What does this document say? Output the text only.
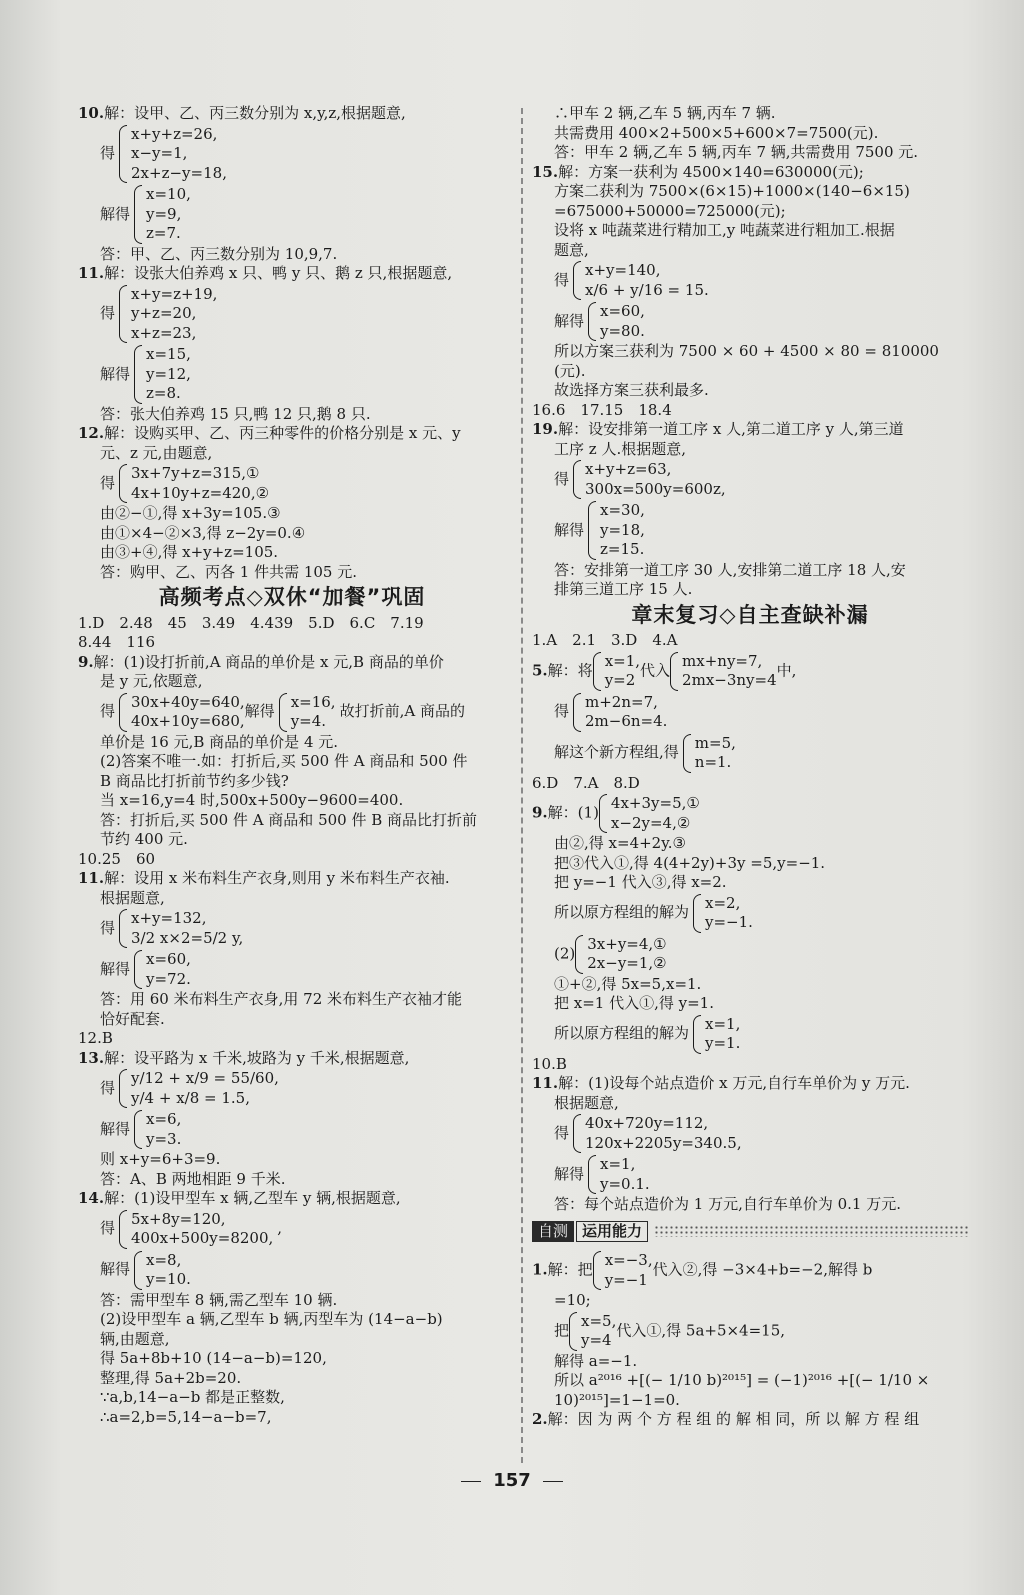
10.解：设甲、乙、丙三数分别为 x,y,z,根据题意,
得
x+y+z=26,
x−y=1,
2x+z−y=18,
解得
x=10,
y=9,
z=7.
答：甲、乙、丙三数分别为 10,9,7.
11.解：设张大伯养鸡 x 只、鸭 y 只、鹅 z 只,根据题意,
得
x+y=z+19,
y+z=20,
x+z=23,
解得
x=15,
y=12,
z=8.
答：张大伯养鸡 15 只,鸭 12 只,鹅 8 只.
12.解：设购买甲、乙、丙三种零件的价格分别是 x 元、y
元、z 元,由题意,
得
3x+7y+z=315,①
4x+10y+z=420,②
由②−①,得 x+3y=105.③
由①×4−②×3,得 z−2y=0.④
由③+④,得 x+y+z=105.
答：购甲、乙、丙各 1 件共需 105 元.
高频考点◇双休“加餐”巩固
1.D　2.48　45　3.49　4.439　5.D　6.C　7.19
8.44　116
9.解：(1)设打折前,A 商品的单价是 x 元,B 商品的单价
是 y 元,依题意,
得
30x+40y=640,
40x+10y=680,
解得
x=16,
y=4.
故打折前,A 商品的
单价是 16 元,B 商品的单价是 4 元.
(2)答案不唯一.如：打折后,买 500 件 A 商品和 500 件
B 商品比打折前节约多少钱?
当 x=16,y=4 时,500x+500y−9600=400.
答：打折后,买 500 件 A 商品和 500 件 B 商品比打折前
节约 400 元.
10.25　60
11.解：设用 x 米布料生产衣身,则用 y 米布料生产衣袖.
根据题意,
得
x+y=132,
3/2 x×2=5/2 y,
解得
x=60,
y=72.
答：用 60 米布料生产衣身,用 72 米布料生产衣袖才能
恰好配套.
12.B
13.解：设平路为 x 千米,坡路为 y 千米,根据题意,
得
y/12 + x/9 = 55/60,
y/4 + x/8 = 1.5,
解得
x=6,
y=3.
则 x+y=6+3=9.
答：A、B 两地相距 9 千米.
14.解：(1)设甲型车 x 辆,乙型车 y 辆,根据题意,
得
5x+8y=120,
400x+500y=8200,
,
解得
x=8,
y=10.
答：需甲型车 8 辆,需乙型车 10 辆.
(2)设甲型车 a 辆,乙型车 b 辆,丙型车为 (14−a−b)
辆,由题意,
得 5a+8b+10 (14−a−b)=120,
整理,得 5a+2b=20.
∵a,b,14−a−b 都是正整数,
∴a=2,b=5,14−a−b=7,
∴甲车 2 辆,乙车 5 辆,丙车 7 辆.
共需费用 400×2+500×5+600×7=7500(元).
答：甲车 2 辆,乙车 5 辆,丙车 7 辆,共需费用 7500 元.
15.解：方案一获利为 4500×140=630000(元);
方案二获利为 7500×(6×15)+1000×(140−6×15)
=675000+50000=725000(元);
设将 x 吨蔬菜进行精加工,y 吨蔬菜进行粗加工.根据
题意,
得
x+y=140,
x/6 + y/16 = 15.
解得
x=60,
y=80.
所以方案三获利为 7500 × 60 + 4500 × 80 = 810000
(元).
故选择方案三获利最多.
16.6　17.15　18.4
19.解：设安排第一道工序 x 人,第二道工序 y 人,第三道
工序 z 人.根据题意,
得
x+y+z=63,
300x=500y=600z,
解得
x=30,
y=18,
z=15.
答：安排第一道工序 30 人,安排第二道工序 18 人,安
排第三道工序 15 人.
章末复习◇自主查缺补漏
1.A　2.1　3.D　4.A
5.解：将
x=1,
y=2
代入
mx+ny=7,
2mx−3ny=4
中,
得
m+2n=7,
2m−6n=4.
解这个新方程组,得
m=5,
n=1.
6.D　7.A　8.D
9.解：(1)
4x+3y=5,①
x−2y=4,②
由②,得 x=4+2y.③
把③代入①,得 4(4+2y)+3y =5,y=−1.
把 y=−1 代入③,得 x=2.
所以原方程组的解为
x=2,
y=−1.
(2)
3x+y=4,①
2x−y=1,②
①+②,得 5x=5,x=1.
把 x=1 代入①,得 y=1.
所以原方程组的解为
x=1,
y=1.
10.B
11.解：(1)设每个站点造价 x 万元,自行车单价为 y 万元.
根据题意,
得
40x+720y=112,
120x+2205y=340.5,
解得
x=1,
y=0.1.
答：每个站点造价为 1 万元,自行车单价为 0.1 万元.
自测 运用能力
1.解：把
x=−3,
y=−1
代入②,得 −3×4+b=−2,解得 b
=10;
把
x=5,
y=4
代入①,得 5a+5×4=15,
解得 a=−1.
所以 a²⁰¹⁶ +[(− 1/10 b)²⁰¹⁵] = (−1)²⁰¹⁶ +[(− 1/10 ×
10)²⁰¹⁵]=1−1=0.
2.解：因 为 两 个 方 程 组 的 解 相 同，所 以 解 方 程 组
157
